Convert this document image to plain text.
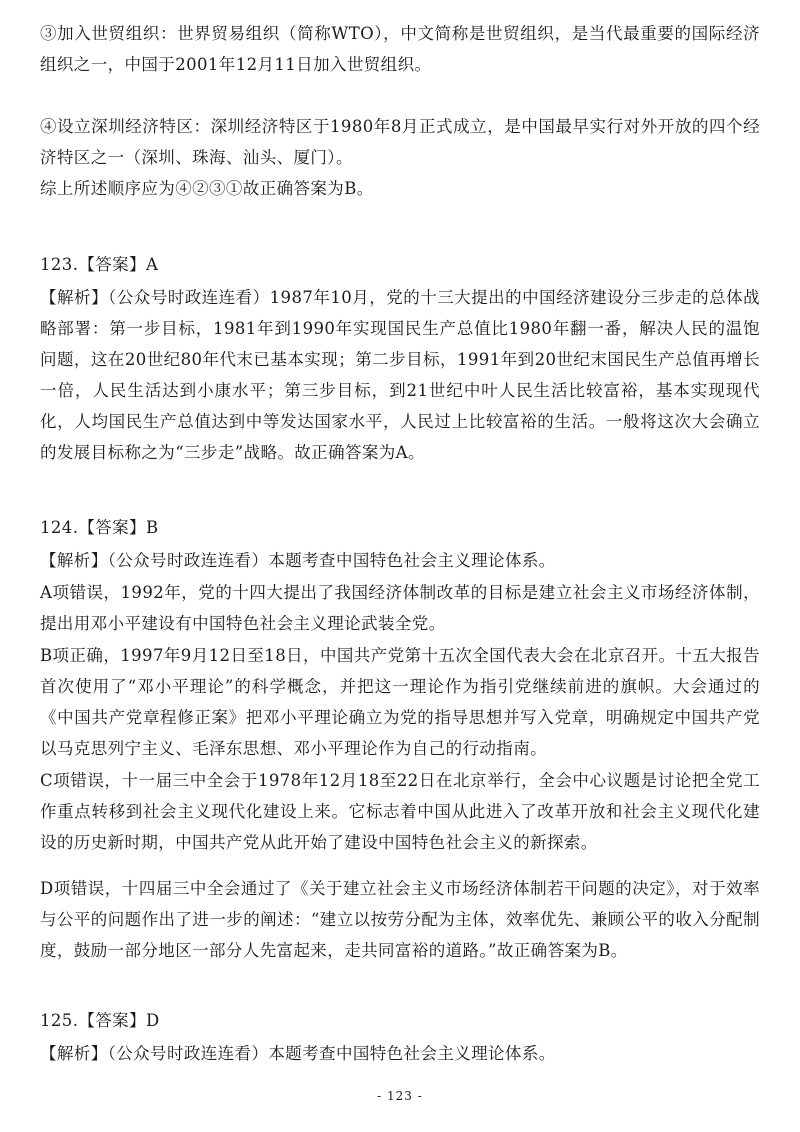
③加入世贸组织：世界贸易组织（简称WTO），中文简称是世贸组织，是当代最重要的国际经济组织之一，中国于2001年12月11日加入世贸组织。

④设立深圳经济特区：深圳经济特区于1980年8月正式成立，是中国最早实行对外开放的四个经济特区之一（深圳、珠海、汕头、厦门）。

综上所述顺序应为④②③①故正确答案为B。

123.【答案】A

【解析】（公众号时政连连看）1987年10月，党的十三大提出的中国经济建设分三步走的总体战略部署：第一步目标，1981年到1990年实现国民生产总值比1980年翻一番，解决人民的温饱问题，这在20世纪80年代末已基本实现；第二步目标，1991年到20世纪末国民生产总值再增长一倍，人民生活达到小康水平；第三步目标，到21世纪中叶人民生活比较富裕，基本实现现代化，人均国民生产总值达到中等发达国家水平，人民过上比较富裕的生活。一般将这次大会确立的发展目标称之为“三步走”战略。故正确答案为A。

124.【答案】B

【解析】（公众号时政连连看）本题考查中国特色社会主义理论体系。

A项错误，1992年，党的十四大提出了我国经济体制改革的目标是建立社会主义市场经济体制，提出用邓小平建设有中国特色社会主义理论武装全党。

B项正确，1997年9月12日至18日，中国共产党第十五次全国代表大会在北京召开。十五大报告首次使用了“邓小平理论”的科学概念，并把这一理论作为指引党继续前进的旗帜。大会通过的《中国共产党章程修正案》把邓小平理论确立为党的指导思想并写入党章，明确规定中国共产党以马克思列宁主义、毛泽东思想、邓小平理论作为自己的行动指南。

C项错误，十一届三中全会于1978年12月18至22日在北京举行，全会中心议题是讨论把全党工作重点转移到社会主义现代化建设上来。它标志着中国从此进入了改革开放和社会主义现代化建设的历史新时期，中国共产党从此开始了建设中国特色社会主义的新探索。

D项错误，十四届三中全会通过了《关于建立社会主义市场经济体制若干问题的决定》，对于效率与公平的问题作出了进一步的阐述：“建立以按劳分配为主体，效率优先、兼顾公平的收入分配制度，鼓励一部分地区一部分人先富起来，走共同富裕的道路。”故正确答案为B。

125.【答案】D

【解析】（公众号时政连连看）本题考查中国特色社会主义理论体系。

- 123 -
